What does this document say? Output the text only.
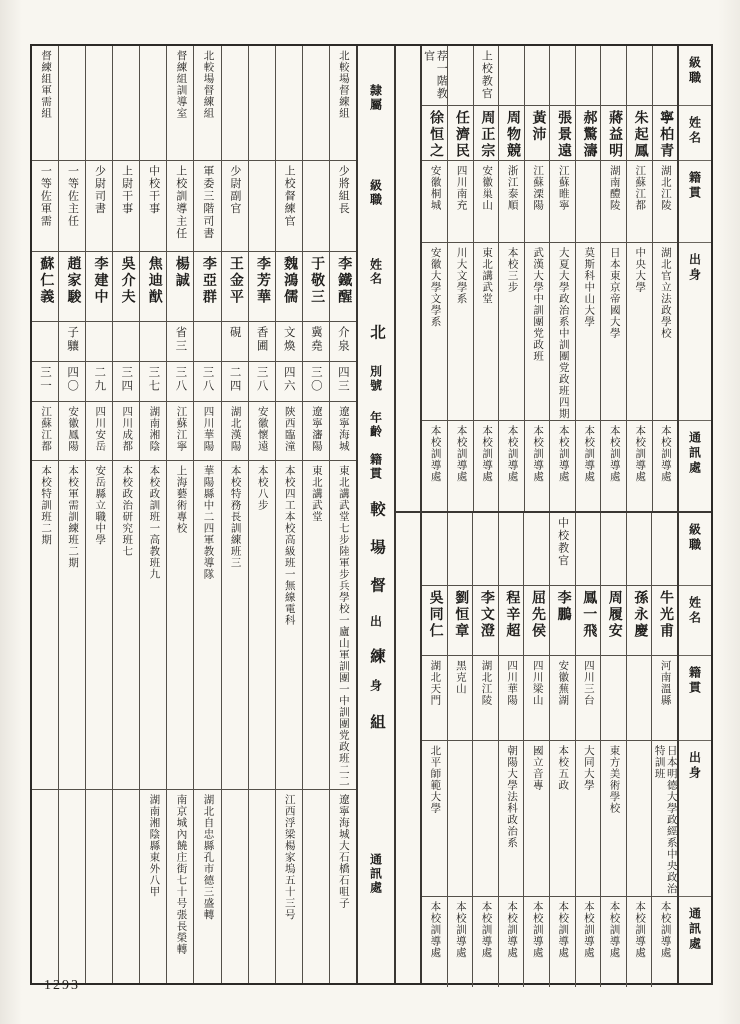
督練組軍需組
一等佐軍需
蘇仁義
三一
江蘇江都
本校特訓班二期
一等佐主任
趙家駿
子驤
四〇
安徽鳳陽
本校軍需訓練班二期
少尉司書
李建中
二九
四川安岳
安岳縣立職中學
上尉干事
吳介夫
三四
四川成都
本校政治研究班七
中校干事
焦迪猷
三七
湖南湘陰
本校政訓班一高教班九
湖南湘陰縣東外八甲
督練組訓導室
上校訓導主任
楊誠
省三
三八
江蘇江寧
上海藝術專校
南京城內饒庄街七十号張長榮轉
北較場督練組
軍委三階司書
李亞群
三八
四川華陽
華陽縣中二四軍教導隊
湖北自忠縣孔市德三盛轉
少尉副官
王金平
硯
二四
湖北漢陽
本校特務長訓練班三
李芳華
香圃
三八
安徽懷遠
本校八步
上校督練官
魏鴻儒
文煥
四六
陝西臨潼
本校四工本校高級班一無線電科
江西浮梁楊家塢五十三号
于敬三
冀堯
三〇
遼寧瀋陽
東北講武堂
北較場督練組
少將組長
李鐵醒
介泉
四三
遼寧海城
東北講武堂七步陸軍步兵學校一廬山軍訓團一中訓團党政班二二
遼寧海城大石橋石咀子
隸屬
級職
姓名
北
別號
年齡
籍貫
較
場
督
出
練
身
組
通訊處
荐一階教官
徐恒之
安徽桐城
安徽大學文學系
本校訓導處
任濟民
四川南充
川大文學系
本校訓導處
上校教官
周正宗
安徽巢山
東北講武堂
本校訓導處
周物競
浙江泰順
本校三步
本校訓導處
黃沛
江蘇溧陽
武漢大學中訓團党政班
本校訓導處
張景遠
江蘇睢寧
大夏大學政治系中訓團党政班四期
本校訓導處
郝驚濤
莫斯科中山大學
本校訓導處
蔣益明
湖南醴陵
日本東京帝國大學
本校訓導處
朱起鳳
江蘇江都
中央大學
本校訓導處
寧柏青
湖北江陵
湖北官立法政學校
本校訓導處
吳同仁
湖北天門
北平師範大學
本校訓導處
劉恒章
黑克山
本校訓導處
李文澄
湖北江陵
本校訓導處
程辛超
四川華陽
朝陽大學法科政治系
本校訓導處
屈先侯
四川梁山
國立音專
本校訓導處
中校教官
李鵬
安徽蕪湖
本校五政
本校訓導處
鳳一飛
四川三台
大同大學
本校訓導處
周履安
東方美術學校
本校訓導處
孫永慶
本校訓導處
牛光甫
河南溫縣
日本明德大學政經系中央政治特訓班
本校訓導處
級職
姓名
籍貫
出身
通訊處
級職
姓名
籍貫
出身
通訊處
1293
